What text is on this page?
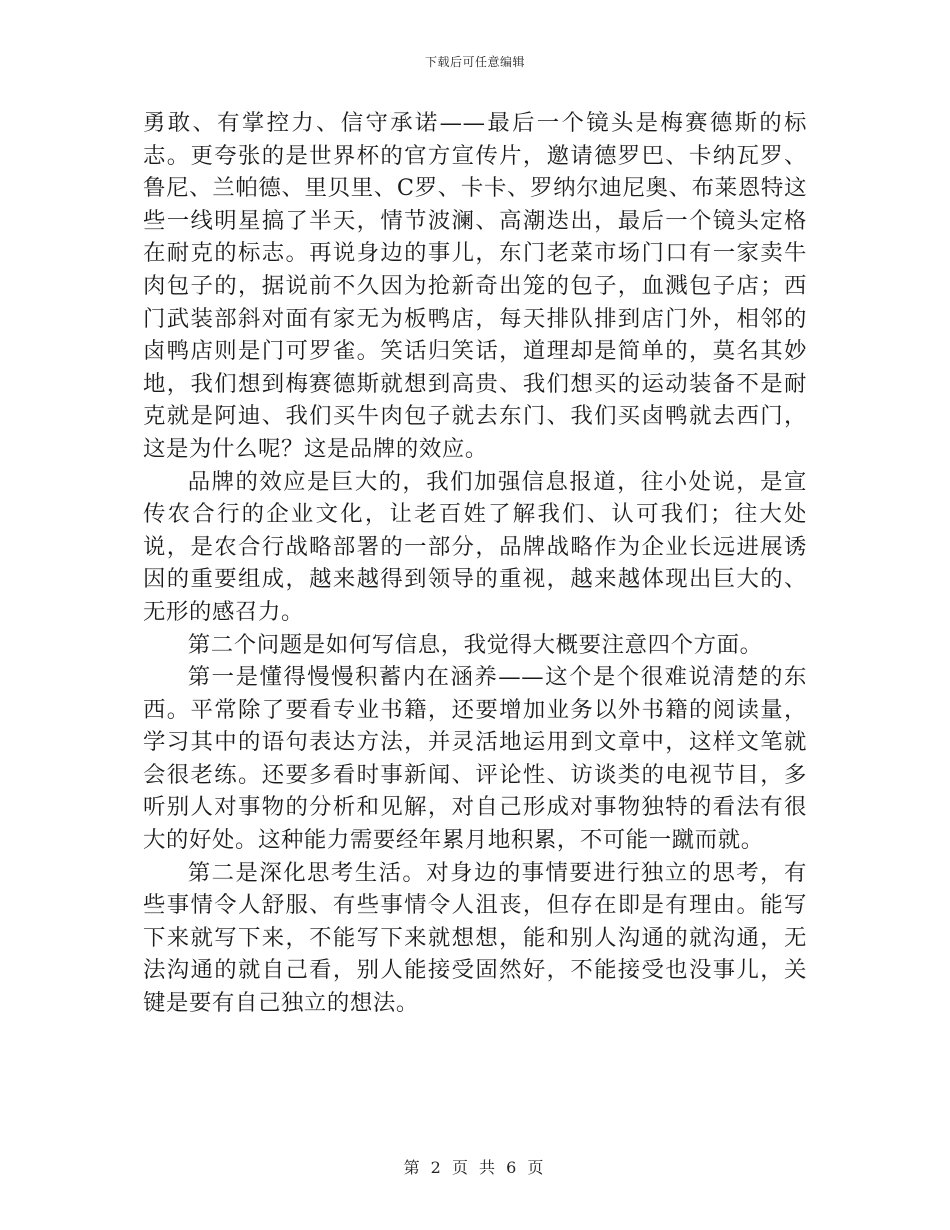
下载后可任意编辑

勇敢、有掌控力、信守承诺——最后一个镜头是梅赛德斯的标志。更夸张的是世界杯的官方宣传片，邀请德罗巴、卡纳瓦罗、鲁尼、兰帕德、里贝里、C罗、卡卡、罗纳尔迪尼奥、布莱恩特这些一线明星搞了半天，情节波澜、高潮迭出，最后一个镜头定格在耐克的标志。再说身边的事儿，东门老菜市场门口有一家卖牛肉包子的，据说前不久因为抢新奇出笼的包子，血溅包子店；西门武装部斜对面有家无为板鸭店，每天排队排到店门外，相邻的卤鸭店则是门可罗雀。笑话归笑话，道理却是简单的，莫名其妙地，我们想到梅赛德斯就想到高贵、我们想买的运动装备不是耐克就是阿迪、我们买牛肉包子就去东门、我们买卤鸭就去西门，这是为什么呢？这是品牌的效应。

品牌的效应是巨大的，我们加强信息报道，往小处说，是宣传农合行的企业文化，让老百姓了解我们、认可我们；往大处说，是农合行战略部署的一部分，品牌战略作为企业长远进展诱因的重要组成，越来越得到领导的重视，越来越体现出巨大的、无形的感召力。

第二个问题是如何写信息，我觉得大概要注意四个方面。

第一是懂得慢慢积蓄内在涵养——这个是个很难说清楚的东西。平常除了要看专业书籍，还要增加业务以外书籍的阅读量，学习其中的语句表达方法，并灵活地运用到文章中，这样文笔就会很老练。还要多看时事新闻、评论性、访谈类的电视节目，多听别人对事物的分析和见解，对自己形成对事物独特的看法有很大的好处。这种能力需要经年累月地积累，不可能一蹴而就。

第二是深化思考生活。对身边的事情要进行独立的思考，有些事情令人舒服、有些事情令人沮丧，但存在即是有理由。能写下来就写下来，不能写下来就想想，能和别人沟通的就沟通，无法沟通的就自己看，别人能接受固然好，不能接受也没事儿，关键是要有自己独立的想法。

第 2 页 共 6 页
